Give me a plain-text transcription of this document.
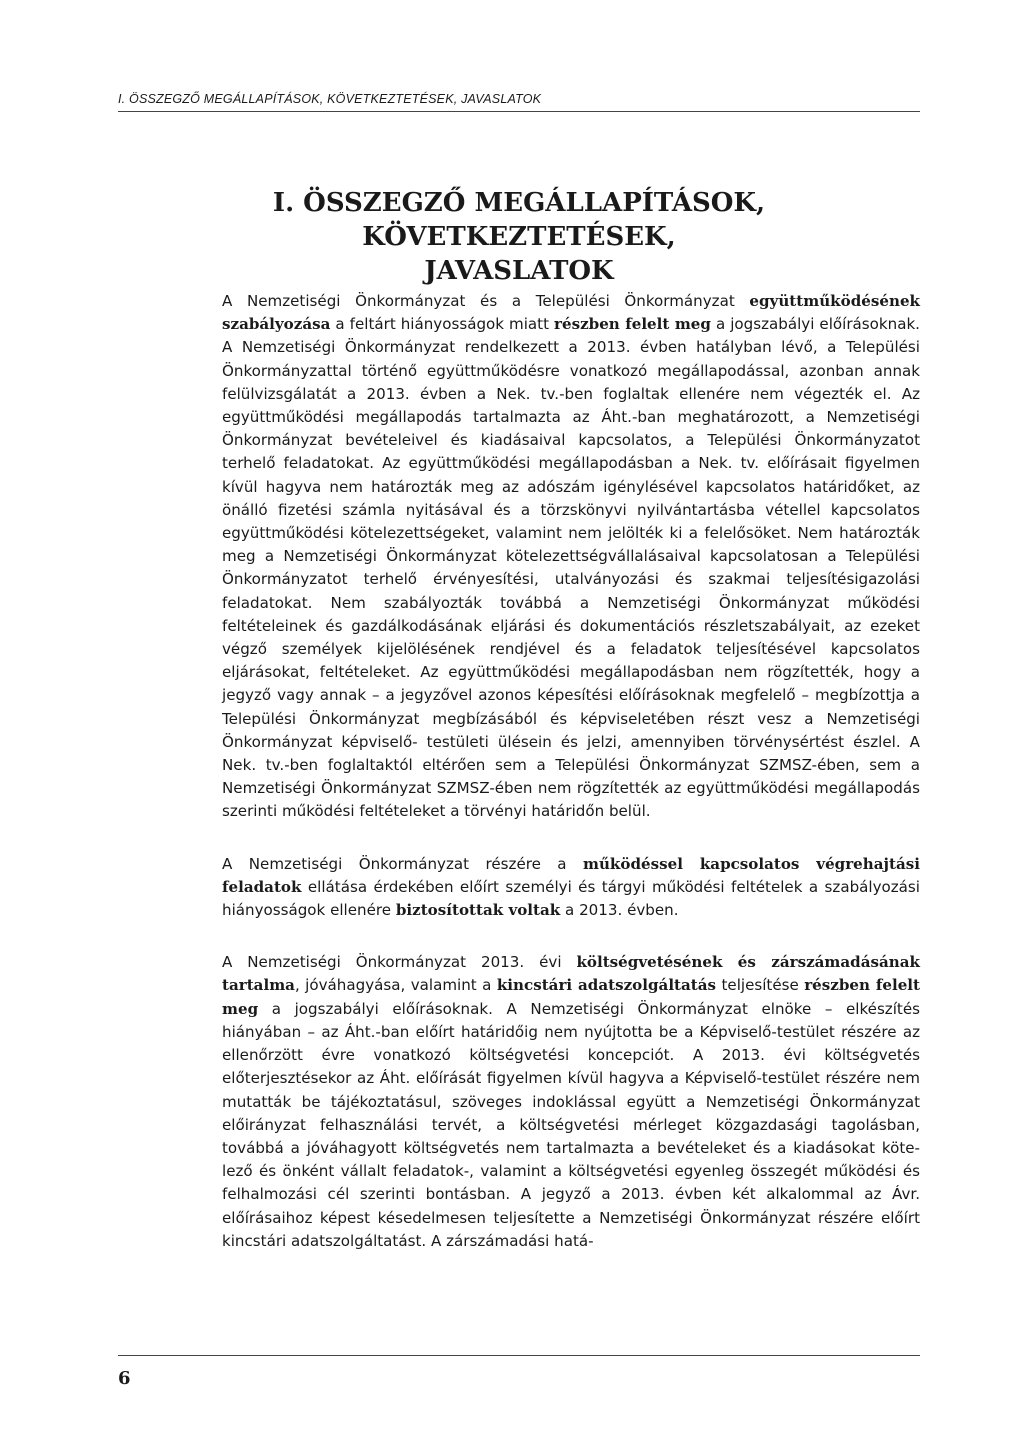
I. ÖSSZEGZŐ MEGÁLLAPÍTÁSOK, KÖVETKEZTETÉSEK, JAVASLATOK
I. ÖSSZEGZŐ MEGÁLLAPÍTÁSOK, KÖVETKEZTETÉSEK,
JAVASLATOK

A Nemzetiségi Önkormányzat és a Települési Önkormányzat együttműködésének szabályozása a feltárt hiányosságok miatt részben felelt meg a jogszabályi előírásoknak. A Nemzetiségi Önkormányzat rendelkezett a 2013. évben hatályban lévő, a Települési Önkormányzattal történő együttműködésre vonatkozó megállapodással, azonban annak felülvizsgálatát a 2013. évben a Nek. tv.-ben foglaltak ellenére nem végezték el. Az együttműködési megállapodás tartalmazta az Áht.-ban meghatározott, a Nemzetiségi Önkormányzat bevételeivel és kiadásaival kapcsolatos, a Települési Önkormányzatot terhelő feladatokat. Az együttműködési megállapodásban a Nek. tv. előírásait figyelmen kívül hagyva nem határozták meg az adószám igénylésével kapcsolatos határidőket, az önálló fizetési számla nyitásával és a törzskönyvi nyilvántartásba vétellel kapcsolatos együttműködési kötelezettségeket, valamint nem jelölték ki a felelősöket. Nem határozták meg a Nemzetiségi Önkormányzat kötelezettségvállalásaival kapcsolatosan a Települési Önkormányzatot terhelő érvényesítési, utalványozási és szakmai teljesítésigazolási feladatokat. Nem szabályozták továbbá a Nemzetiségi Önkormányzat működési feltételeinek és gazdálkodásának eljárási és dokumentációs részletszabályait, az ezeket végző személyek kijelölésének rendjével és a feladatok teljesítésével kapcsolatos eljárásokat, feltételeket. Az együttműködési megállapodásban nem rögzítették, hogy a jegyző vagy annak – a jegyzővel azonos képesítési előírásoknak megfelelő – megbízottja a Települési Önkormányzat megbízásából és képviseletében részt vesz a Nemzetiségi Önkormányzat képviselő- testületi ülésein és jelzi, amennyiben törvénysértést észlel. A Nek. tv.-ben foglaltaktól eltérően sem a Települési Önkormányzat SZMSZ-ében, sem a Nemzetiségi Önkormányzat SZMSZ-ében nem rögzítették az együttműködési megállapodás szerinti működési feltételeket a törvényi határidőn belül.

A Nemzetiségi Önkormányzat részére a működéssel kapcsolatos végrehajtási feladatok ellátása érdekében előírt személyi és tárgyi működési feltételek a szabályozási hiányosságok ellenére biztosítottak voltak a 2013. évben.

A Nemzetiségi Önkormányzat 2013. évi költségvetésének és zárszámadásának tartalma, jóváhagyása, valamint a kincstári adatszolgáltatás teljesítése részben felelt meg a jogszabályi előírásoknak. A Nemzetiségi Önkormányzat elnöke – elkészítés hiányában – az Áht.-ban előírt határidőig nem nyújtotta be a Képviselő-testület részére az ellenőrzött évre vonatkozó költségvetési koncepciót. A 2013. évi költségvetés előterjesztésekor az Áht. előírását figyelmen kívül hagyva a Képviselő-testület részére nem mutatták be tájékoztatásul, szöveges indoklással együtt a Nemzetiségi Önkormányzat előirányzat felhasználási tervét, a költségvetési mérleget közgazdasági tagolásban, továbbá a jóváhagyott költségvetés nem tartalmazta a bevételeket és a kiadásokat kötelező és önként vállalt feladatok-, valamint a költségvetési egyenleg összegét működési és felhalmozási cél szerinti bontásban. A jegyző a 2013. évben két alkalommal az Ávr. előírásaihoz képest késedelmesen teljesítette a Nemzetiségi Önkormányzat részére előírt kincstári adatszolgáltatást. A zárszámadási hatá-

6
